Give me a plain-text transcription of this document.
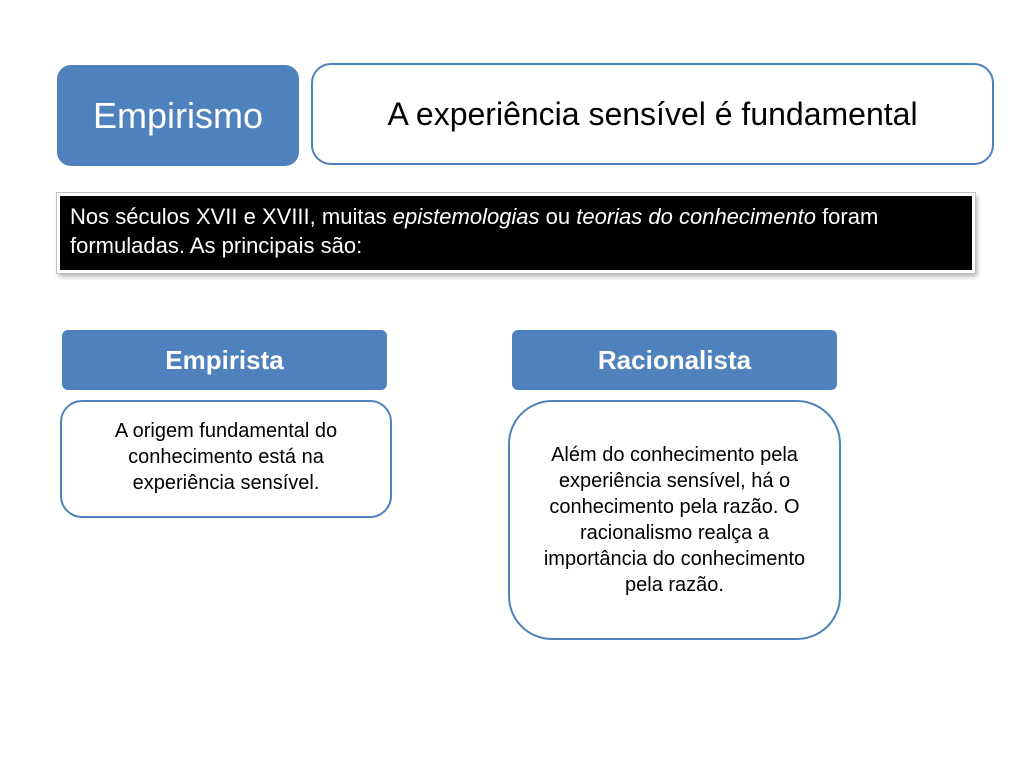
Empirismo	A experiência sensível é fundamental
Nos séculos XVII e XVIII, muitas epistemologias ou teorias do conhecimento foram formuladas. As principais são:
Empirista	Racionalista
A origem fundamental do conhecimento está na experiência sensível.
Além do conhecimento pela experiência sensível, há o conhecimento pela razão. O racionalismo realça a importância do conhecimento pela razão.
